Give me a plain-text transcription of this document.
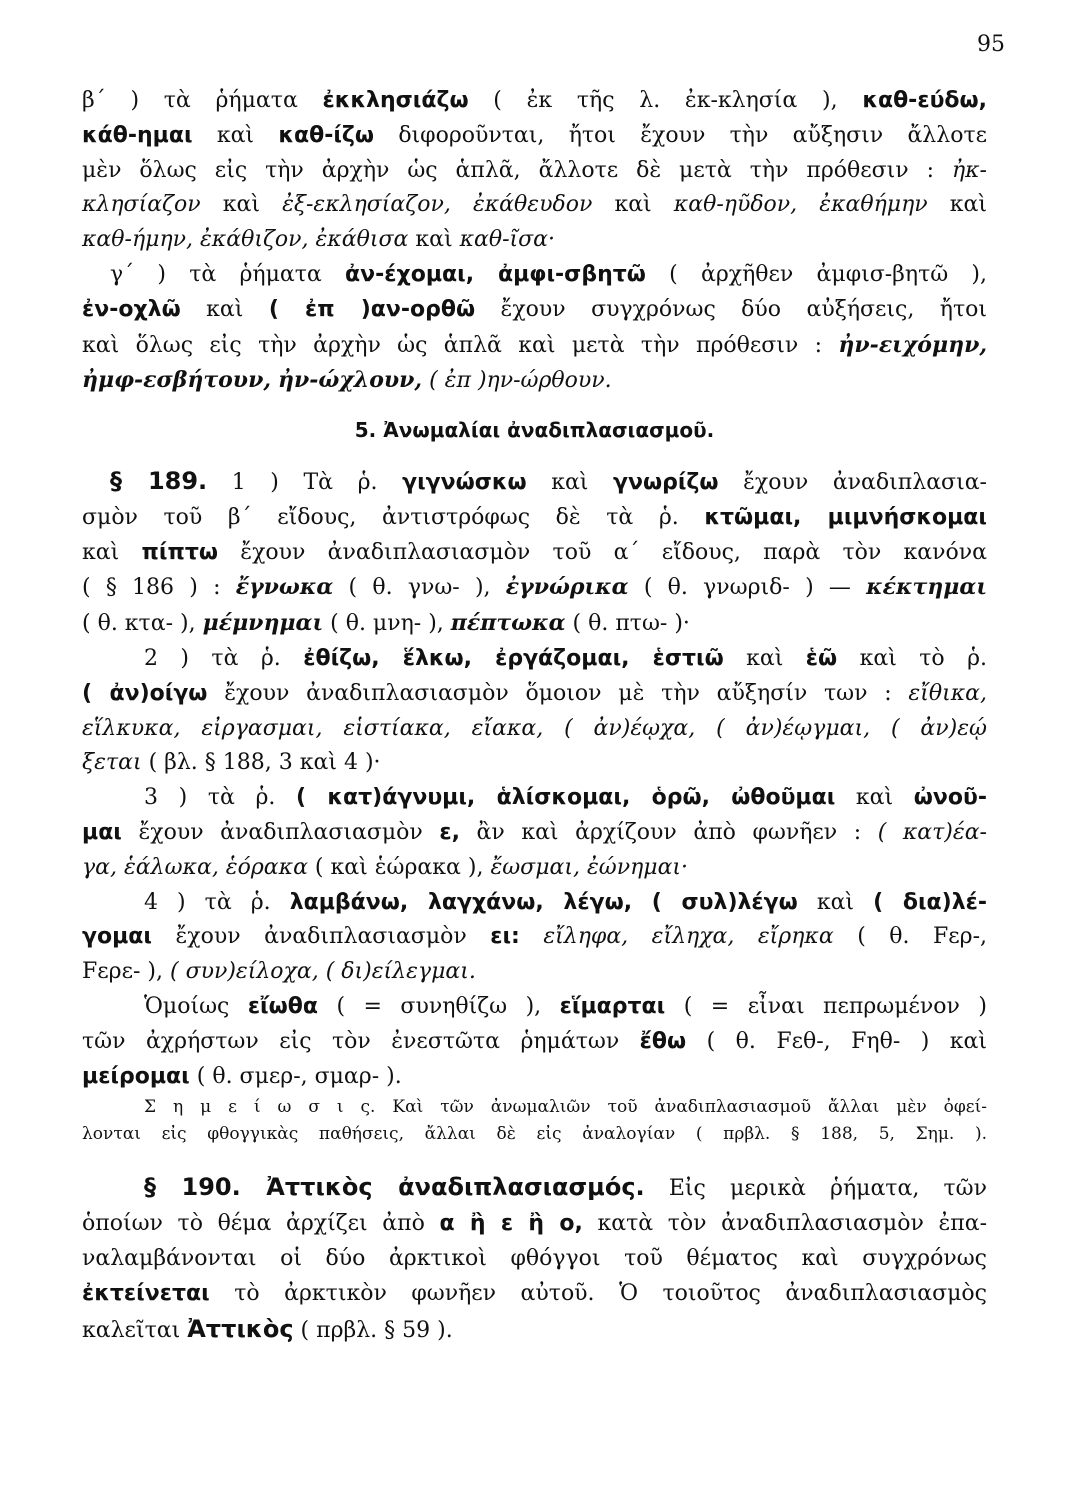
95
β΄ ) τὰ ῥήματα ἐκκλησιάζω ( ἐκ τῆς λ. ἐκ-κλησία ), καθ-εύδω,
κάθ-ημαι καὶ καθ-ίζω διφοροῦνται, ἤτοι ἔχουν τὴν αὔξησιν ἄλλοτε
μὲν ὅλως εἰς τὴν ἀρχὴν ὡς ἁπλᾶ, ἄλλοτε δὲ μετὰ τὴν πρόθεσιν : ἠκ-
κλησίαζον καὶ ἐξ-εκλησίαζον, ἐκάθευδον καὶ καθ-ηῦδον, ἐκαθήμην καὶ
καθ-ήμην, ἐκάθιζον, ἐκάθισα καὶ καθ-ῖσα·
γ΄ ) τὰ ῥήματα ἀν-έχομαι, ἀμφι-σβητῶ ( ἀρχῆθεν ἀμφισ-βητῶ ),
ἐν-οχλῶ καὶ ( ἐπ )αν-ορθῶ ἔχουν συγχρόνως δύο αὐξήσεις, ἤτοι
καὶ ὅλως εἰς τὴν ἀρχὴν ὡς ἁπλᾶ καὶ μετὰ τὴν πρόθεσιν : ἠν-ειχόμην,
ἠμφ-εσβήτουν, ἠν-ώχλουν, ( ἐπ )ην-ώρθουν.
5. Ἀνωμαλίαι ἀναδιπλασιασμοῦ.
§ 189. 1 ) Τὰ ῥ. γιγνώσκω καὶ γνωρίζω ἔχουν ἀναδιπλασια-
σμὸν τοῦ β΄ εἴδους, ἀντιστρόφως δὲ τὰ ῥ. κτῶμαι, μιμνήσκομαι
καὶ πίπτω ἔχουν ἀναδιπλασιασμὸν τοῦ α΄ εἴδους, παρὰ τὸν κανόνα
( § 186 ) : ἔγνωκα ( θ. γνω- ), ἐγνώρικα ( θ. γνωριδ- ) — κέκτημαι
( θ. κτα- ), μέμνημαι ( θ. μνη- ), πέπτωκα ( θ. πτω- )·
2 ) τὰ ῥ. ἐθίζω, ἕλκω, ἐργάζομαι, ἑστιῶ καὶ ἑῶ καὶ τὸ ῥ.
( ἀν)οίγω ἔχουν ἀναδιπλασιασμὸν ὅμοιον μὲ τὴν αὔξησίν των : εἴθικα,
εἵλκυκα, εἰργασμαι, εἱστίακα, εἴακα, ( ἀν)έῳχα, ( ἀν)έῳγμαι, ( ἀν)εῴ
ξεται ( βλ. § 188, 3 καὶ 4 )·
3 ) τὰ ῥ. ( κατ)άγνυμι, ἁλίσκομαι, ὁρῶ, ὠθοῦμαι καὶ ὠνοῦ-
μαι ἔχουν ἀναδιπλασιασμὸν ε, ἂν καὶ ἀρχίζουν ἀπὸ φωνῆεν : ( κατ)έα-
γα, ἑάλωκα, ἑόρακα ( καὶ ἑώρακα ), ἔωσμαι, ἐώνημαι·
4 ) τὰ ῥ. λαμβάνω, λαγχάνω, λέγω, ( συλ)λέγω καὶ ( δια)λέ-
γομαι ἔχουν ἀναδιπλασιασμὸν ει: εἴληφα, εἴληχα, εἴρηκα ( θ. Fερ-,
Fερε- ), ( συν)είλοχα, ( δι)είλεγμαι.
Ὁμοίως εἴωθα ( = συνηθίζω ), εἵμαρται ( = εἶναι πεπρωμένον )
τῶν ἀχρήστων εἰς τὸν ἐνεστῶτα ῥημάτων ἔθω ( θ. Fεθ-, Fηθ- ) καὶ
μείρομαι ( θ. σμερ-, σμαρ- ).
Σ η μ ε ί ω σ ι ς. Καὶ τῶν ἀνωμαλιῶν τοῦ ἀναδιπλασιασμοῦ ἄλλαι μὲν ὀφεί-
λονται εἰς φθογγικὰς παθήσεις, ἄλλαι δὲ εἰς ἀναλογίαν ( πρβλ. § 188, 5, Σημ. ).
§ 190. Ἀττικὸς ἀναδιπλασιασμός. Εἰς μερικὰ ῥήματα, τῶν
ὁποίων τὸ θέμα ἀρχίζει ἀπὸ α ἢ ε ἢ ο, κατὰ τὸν ἀναδιπλασιασμὸν ἐπα-
ναλαμβάνονται οἱ δύο ἀρκτικοὶ φθόγγοι τοῦ θέματος καὶ συγχρόνως
ἐκτείνεται τὸ ἀρκτικὸν φωνῆεν αὐτοῦ. Ὁ τοιοῦτος ἀναδιπλασιασμὸς
καλεῖται Ἀττικὸς ( πρβλ. § 59 ).
